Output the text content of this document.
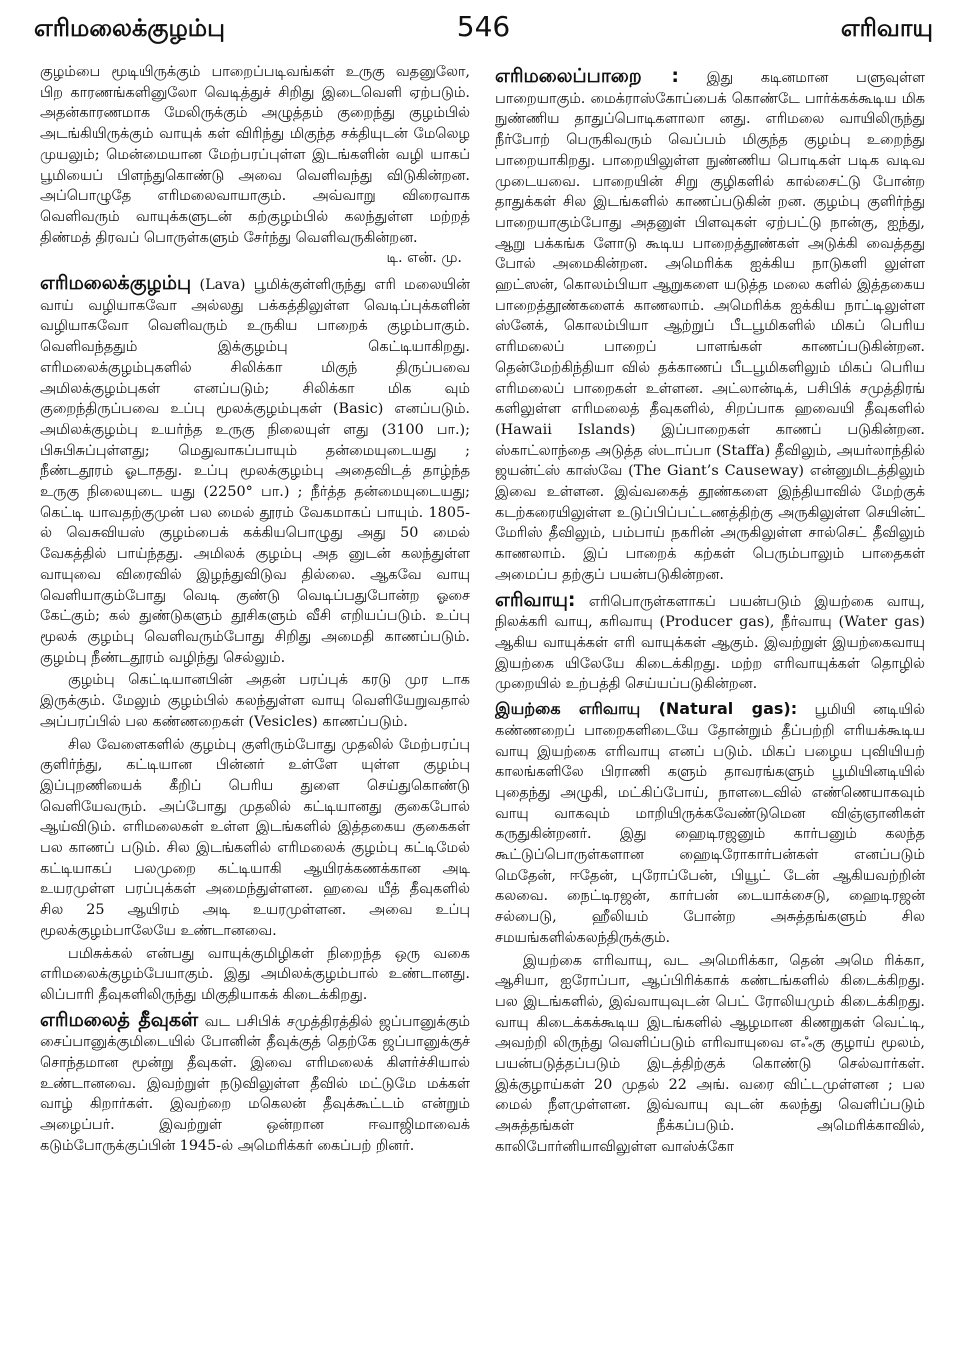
எரிமலைக்குழம்பு	546	எரிவாயு

குழம்பை மூடியிருக்கும் பாறைப்படிவங்கள் உருகு வதனுலோ, பிற காரணங்களினுலோ வெடித்துச் சிறிது இடைவெளி ஏற்படும். அதன்காரணமாக மேலிருக்கும் அழுத்தம் குறைந்து குழம்பில் அடங்கியிருக்கும் வாயுக் கள் விரிந்து மிகுந்த சக்தியுடன் மேலெழ முயலும்; மென்மையான மேற்பரப்புள்ள இடங்களின் வழி யாகப் பூமியைப் பிளந்துகொண்டு அவை வெளிவந்து விடுகின்றன. அப்பொழுதே எரிமலைவாயாகும். அவ்வாறு விரைவாக வெளிவரும் வாயுக்களுடன் கற்குழம்பில் கலந்துள்ள மற்றத் திண்மத் திரவப் பொருள்களும் சேர்ந்து வெளிவருகின்றன.

டி. என். மு.

எரிமலைக்குழம்பு (Lava) பூமிக்குள்ளிருந்து எரி மலையின் வாய் வழியாகவோ அல்லது பக்கத்திலுள்ள வெடிப்புக்களின் வழியாகவோ வெளிவரும் உருகிய பாறைக் குழம்பாகும். வெளிவந்ததும் இக்குழம்பு கெட்டியாகிறது. எரிமலைக்குழம்புகளில் சிலிக்கா மிகுந் திருப்பவை அமிலக்குழம்புகள் எனப்படும்; சிலிக்கா மிக வும் குறைந்திருப்பவை உப்பு மூலக்குழம்புகள் (Basic) எனப்படும். அமிலக்குழம்பு உயர்ந்த உருகு நிலையுள் ளது (3100 பா.); பிசுபிசுப்புள்ளது; மெதுவாகப்பாயும் தன்மையுடையது ; நீண்டதூரம் ஓடாதது. உப்பு மூலக்குழம்பு அதைவிடத் தாழ்ந்த உருகு நிலையுடை யது (2250° பா.) ; நீர்த்த தன்மையுடையது; கெட்டி யாவதற்குமுன் பல மைல் தூரம் வேகமாகப் பாயும். 1805-ல் வெசுவியஸ் குழம்பைக் கக்கியபொழுது அது 50 மைல் வேகத்தில் பாய்ந்தது. அமிலக் குழம்பு அத னுடன் கலந்துள்ள வாயுவை விரைவில் இழந்துவிடுவ தில்லை. ஆகவே வாயு வெளியாகும்போது வெடி குண்டு வெடிப்பதுபோன்ற ஓசை கேட்கும்; கல் துண்டுகளும் தூசிகளும் வீசி எறியப்படும். உப்பு மூலக் குழம்பு வெளிவரும்போது சிறிது அமைதி காணப்படும். குழம்பு நீண்டதூரம் வழிந்து செல்லும்.

குழம்பு கெட்டியானபின் அதன் பரப்புக் கரடு முர டாக இருக்கும். மேலும் குழம்பில் கலந்துள்ள வாயு வெளியேறுவதால் அப்பரப்பில் பல கண்ணறைகள் (Vesicles) காணப்படும்.

சில வேளைகளில் குழம்பு குளிரும்போது முதலில் மேற்பரப்பு குளிர்ந்து, கட்டியான பின்னர் உள்ளே யுள்ள குழம்பு இப்புறணியைக் கீறிப் பெரிய துளை செய்துகொண்டு வெளியேவரும். அப்போது முதலில் கட்டியானது குகைபோல் ஆய்விடும். எரிமலைகள் உள்ள இடங்களில் இத்தகைய குகைகள் பல காணப் படும். சில இடங்களில் எரிமலைக் குழம்பு கட்டிமேல் கட்டியாகப் பலமுறை கட்டியாகி ஆயிரக்கணக்கான அடி உயரமுள்ள பரப்புக்கள் அமைந்துள்ளன. ஹவை யீத் தீவுகளில் சில 25 ஆயிரம் அடி உயரமுள்ளன. அவை உப்பு மூலக்குழம்பாலேயே உண்டானவை.

பமிசுக்கல் என்பது வாயுக்குமிழிகள் நிறைந்த ஒரு வகை எரிமலைக்குழம்பேயாகும். இது அமிலக்குழம்பால் உண்டானது. லிப்பாரி தீவுகளிலிருந்து மிகுதியாகக் கிடைக்கிறது.

எரிமலைத் தீவுகள் வட பசிபிக் சமுத்திரத்தில் ஜப்பானுக்கும் சைப்பானுக்குமிடையில் போனின் தீவுக்குத் தெற்கே ஜப்பானுக்குச் சொந்தமான மூன்று தீவுகள். இவை எரிமலைக் கிளர்ச்சியால் உண்டானவை. இவற்றுள் நடுவிலுள்ள தீவில் மட்டுமே மக்கள் வாழ் கிறார்கள். இவற்றை மகெலன் தீவுக்கூட்டம் என்றும் அழைப்பர். இவற்றுள் ஒன்றான ஈவாஜிமாவைக் கடும்போருக்குப்பின் 1945-ல் அமெரிக்கர் கைப்பற் றினர்.

எரிமலைப்பாறை : இது கடினமான பளுவுள்ள பாறையாகும். மைக்ராஸ்கோப்பைக் கொண்டே பார்க்கக்கூடிய மிக நுண்ணிய தாதுப்பொடிகளாலா னது. எரிமலை வாயிலிருந்து நீர்போற் பெருகிவரும் வெப்பம் மிகுந்த குழம்பு உறைந்து பாறையாகிறது. பாறையிலுள்ள நுண்ணிய பொடிகள் படிக வடிவ முடையவை. பாறையின் சிறு குழிகளில் கால்சைட்டு போன்ற தாதுக்கள் சில இடங்களில் காணப்படுகின் றன. குழம்பு குளிர்ந்து பாறையாகும்போது அதனுள் பிளவுகள் ஏற்பட்டு நான்கு, ஐந்து, ஆறு பக்கங்க ளோடு கூடிய பாறைத்தூண்கள் அடுக்கி வைத்தது போல் அமைகின்றன. அமெரிக்க ஐக்கிய நாடுகளி லுள்ள ஹட்ஸன், கொலம்பியா ஆறுகளை யடுத்த மலை களில் இத்தகைய பாறைத்தூண்களைக் காணலாம். அமெரிக்க ஐக்கிய நாட்டிலுள்ள ஸ்னேக், கொலம்பியா ஆற்றுப் பீடபூமிகளில் மிகப் பெரிய எரிமலைப் பாறைப் பாளங்கள் காணப்படுகின்றன. தென்மேற்கிந்தியா வில் தக்காணப் பீடபூமிகளிலும் மிகப் பெரிய எரிமலைப் பாறைகள் உள்ளன. அட்லான்டிக், பசிபிக் சமுத்திரங் களிலுள்ள எரிமலைத் தீவுகளில், சிறப்பாக ஹவையி தீவுகளில் (Hawaii Islands) இப்பாறைகள் காணப் படுகின்றன. ஸ்காட்லாந்தை அடுத்த ஸ்டாப்பா (Staffa) தீவிலும், அயர்லாந்தில் ஜயன்ட்ஸ் காஸ்வே (The Giant’s Causeway) என்னுமிடத்திலும் இவை உள்ளன. இவ்வகைத் தூண்களை இந்தியாவில் மேற்குக் கடற்கரையிலுள்ள உடுப்பிப்பட்டணத்திற்கு அருகிலுள்ள செயின்ட் மேரிஸ் தீவிலும், பம்பாய் நகரின் அருகிலுள்ள சால்செட் தீவிலும் காணலாம். இப் பாறைக் கற்கள் பெரும்பாலும் பாதைகள் அமைப்ப தற்குப் பயன்படுகின்றன.

எரிவாயு: எரிபொருள்களாகப் பயன்படும் இயற்கை வாயு, நிலக்கரி வாயு, கரிவாயு (Producer gas), நீர்வாயு (Water gas) ஆகிய வாயுக்கள் எரி வாயுக்கள் ஆகும். இவற்றுள் இயற்கைவாயு இயற்கை யிலேயே கிடைக்கிறது. மற்ற எரிவாயுக்கள் தொழில் முறையில் உற்பத்தி செய்யப்படுகின்றன.

இயற்கை எரிவாயு (Natural gas): பூமியி னடியில் கண்ணறைப் பாறைகளிடையே தோன்றும் தீப்பற்றி எரியக்கூடிய வாயு இயற்கை எரிவாயு எனப் படும். மிகப் பழைய புவியியற் காலங்களிலே பிராணி களும் தாவரங்களும் பூமியினடியில் புதைந்து அழுகி, மட்கிப்போய், நாளடைவில் எண்ணெயாகவும் வாயு வாகவும் மாறியிருக்கவேண்டுமென விஞ்ஞானிகள் கருதுகின்றனர். இது ஹைடிரஜனும் கார்பனும் கலந்த கூட்டுப்பொருள்களான ஹைடிரோகார்பன்கள் எனப்படும் மெதேன், ஈதேன், புரோப்பேன், பியூட் டேன் ஆகியவற்றின் கலவை. நைட்டிரஜன், கார்பன் டையாக்சைடு, ஹைடிரஜன் சல்பைடு, ஹீலியம் போன்ற அசுத்தங்களும் சில சமயங்களில்கலந்திருக்கும்.

இயற்கை எரிவாயு, வட அமெரிக்கா, தென் அமெ ரிக்கா, ஆசியா, ஐரோப்பா, ஆப்பிரிக்காக் கண்டங்களில் கிடைக்கிறது. பல இடங்களில், இவ்வாயுவுடன் பெட் ரோலியமும் கிடைக்கிறது. வாயு கிடைக்கக்கூடிய இடங்களில் ஆழமான கிணறுகள் வெட்டி, அவற்றி லிருந்து வெளிப்படும் எரிவாயுவை எஃகு குழாய் மூலம், பயன்படுத்தப்படும் இடத்திற்குக் கொண்டு செல்வார்கள். இக்குழாய்கள் 20 முதல் 22 அங். வரை விட்டமுள்ளன ; பல மைல் நீளமுள்ளன. இவ்வாயு வுடன் கலந்து வெளிப்படும் அசுத்தங்கள் நீக்கப்படும். அமெரிக்காவில், காலிபோர்னியாவிலுள்ள வாஸ்க்கோ
